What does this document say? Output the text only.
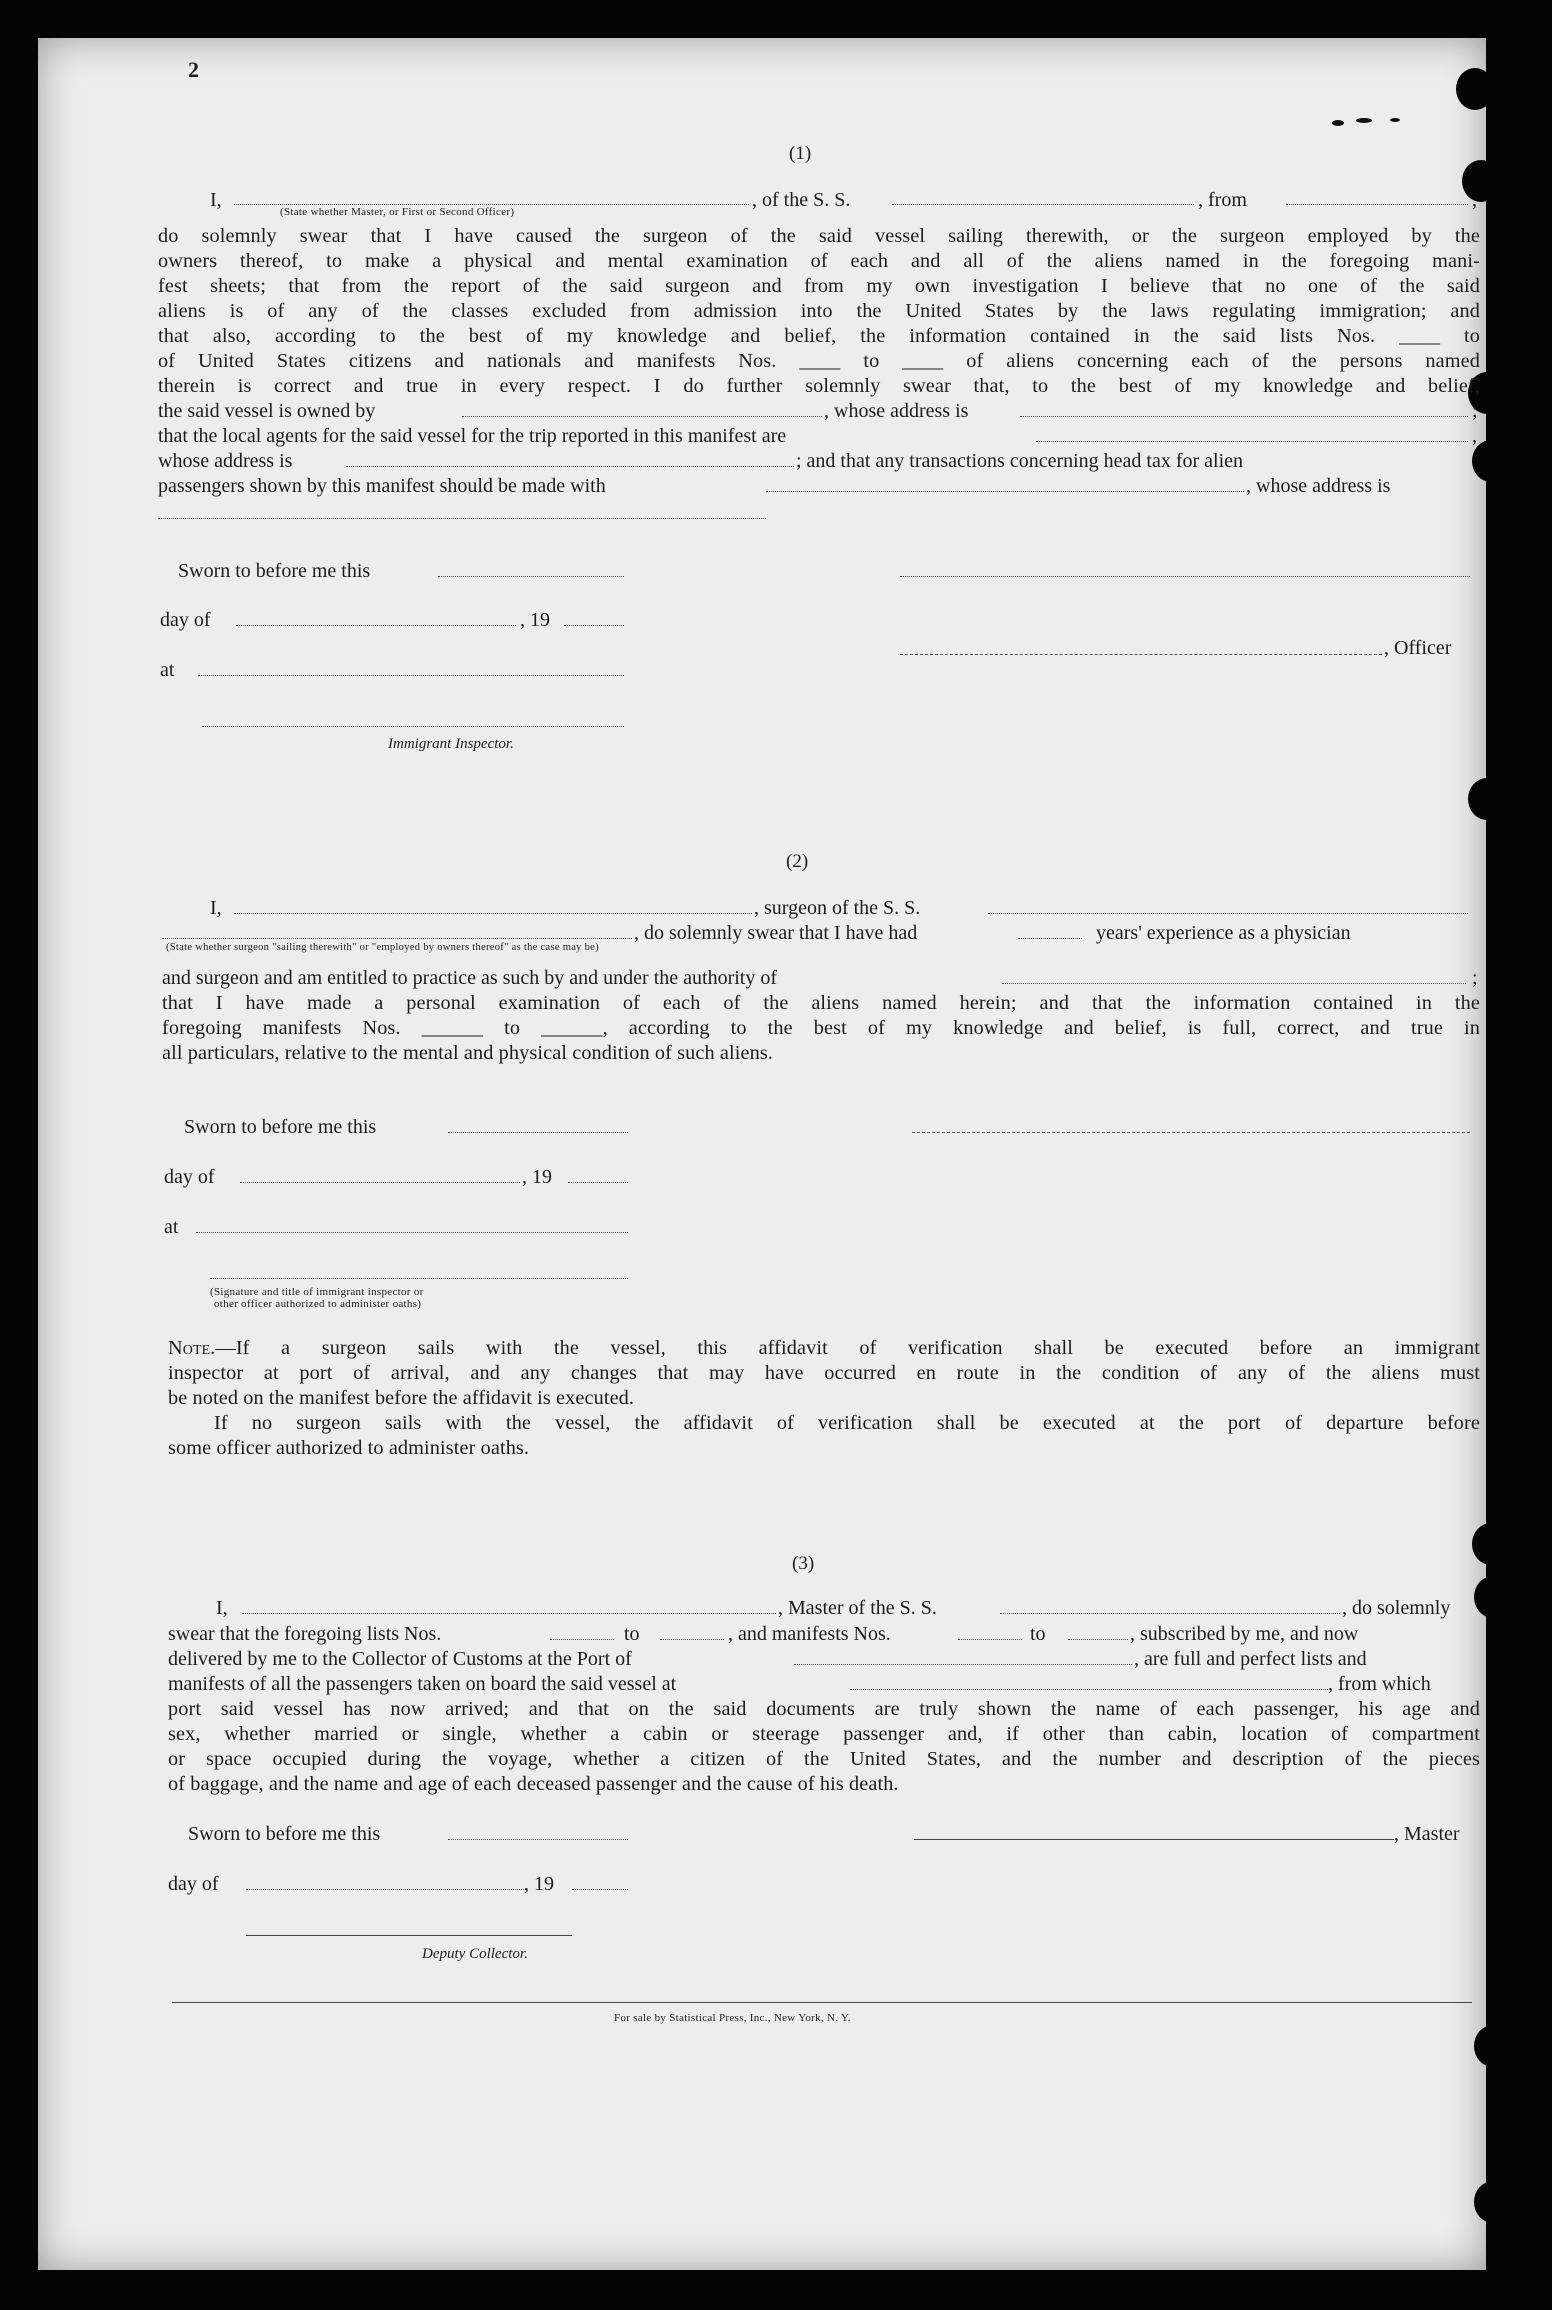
2
(1)
I,
(State whether Master, or First or Second Officer)
, of the S. S.	, from	,

do solemnly swear that I have caused the surgeon of the said vessel sailing therewith, or the surgeon employed by the

owners thereof, to make a physical and mental examination of each and all of the aliens named in the foregoing mani-

fest sheets; that from the report of the said surgeon and from my own investigation I believe that no one of the said

aliens is of any of the classes excluded from admission into the United States by the laws regulating immigration; and

that also, according to the best of my knowledge and belief, the information contained in the said lists Nos. ____ to

of United States citizens and nationals and manifests Nos. ____ to ____ of aliens concerning each of the persons named

therein is correct and true in every respect. I do further solemnly swear that, to the best of my knowledge and belief,

the said vessel is owned by	, whose address is	;
that the local agents for the said vessel for the trip reported in this manifest are	,
whose address is	; and that any transactions concerning head tax for alien
passengers shown by this manifest should be made with	, whose address is
Sworn to before me this
day of	, 19
, Officer
at
Immigrant Inspector.
(2)
I,	, surgeon of the S. S.
, do solemnly swear that I have had	years' experience as a physician
(State whether surgeon "sailing therewith" or "employed by owners thereof" as the case may be)
and surgeon and am entitled to practice as such by and under the authority of	;

that I have made a personal examination of each of the aliens named herein; and that the information contained in the

foregoing manifests Nos. ______ to ______, according to the best of my knowledge and belief, is full, correct, and true in

all particulars, relative to the mental and physical condition of such aliens.

Sworn to before me this
day of	, 19
at
(Signature and title of immigrant inspector or
other officer authorized to administer oaths)

Note.—If a surgeon sails with the vessel, this affidavit of verification shall be executed before an immigrant

inspector at port of arrival, and any changes that may have occurred en route in the condition of any of the aliens must

be noted on the manifest before the affidavit is executed.

If no surgeon sails with the vessel, the affidavit of verification shall be executed at the port of departure before

some officer authorized to administer oaths.

(3)
I,	, Master of the S. S.	, do solemnly
swear that the foregoing lists Nos.	to	, and manifests Nos.	to	, subscribed by me, and now
delivered by me to the Collector of Customs at the Port of	, are full and perfect lists and
manifests of all the passengers taken on board the said vessel at	, from which

port said vessel has now arrived; and that on the said documents are truly shown the name of each passenger, his age and

sex, whether married or single, whether a cabin or steerage passenger and, if other than cabin, location of compartment

or space occupied during the voyage, whether a citizen of the United States, and the number and description of the pieces

of baggage, and the name and age of each deceased passenger and the cause of his death.

Sworn to before me this	, Master
day of	, 19
Deputy Collector.
For sale by Statistical Press, Inc., New York, N. Y.
